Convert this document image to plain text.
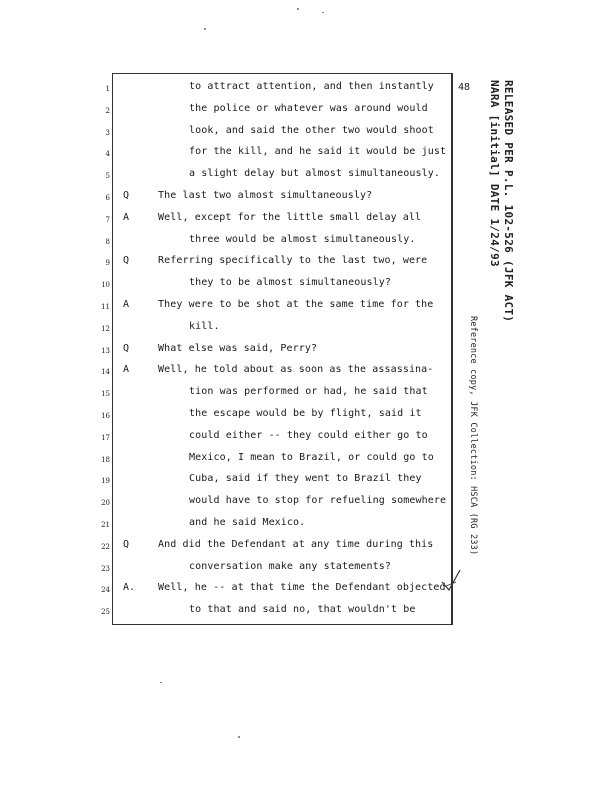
48
1	to attract attention, and then instantly
2	the police or whatever was around would
3	look, and said the other two would shoot
4	for the kill, and he said it would be just
5	a slight delay but almost simultaneously.
6 Q	The last two almost simultaneously?
7 A	Well, except for the little small delay all
8	three would be almost simultaneously.
9 Q	Referring specifically to the last two, were
10	they to be almost simultaneously?
11 A	They were to be shot at the same time for the
12	kill.
13 Q	What else was said, Perry?
14 A	Well, he told about as soon as the assassina-
15	tion was performed or had, he said that
16	the escape would be by flight, said it
17	could either -- they could either go to
18	Mexico, I mean to Brazil, or could go to
19	Cuba, said if they went to Brazil they
20	would have to stop for refueling somewhere
21	and he said Mexico.
22 Q	And did the Defendant at any time during this
23	conversation make any statements?
24 A. Well, he -- at that time the Defendant objected
25	to that and said no, that wouldn't be
RELEASED PER P.L. 102-526 (JFK ACT)
NARA [initial] DATE 1/24/93
Reference copy, JFK Collection: HSCA (RG 233)
